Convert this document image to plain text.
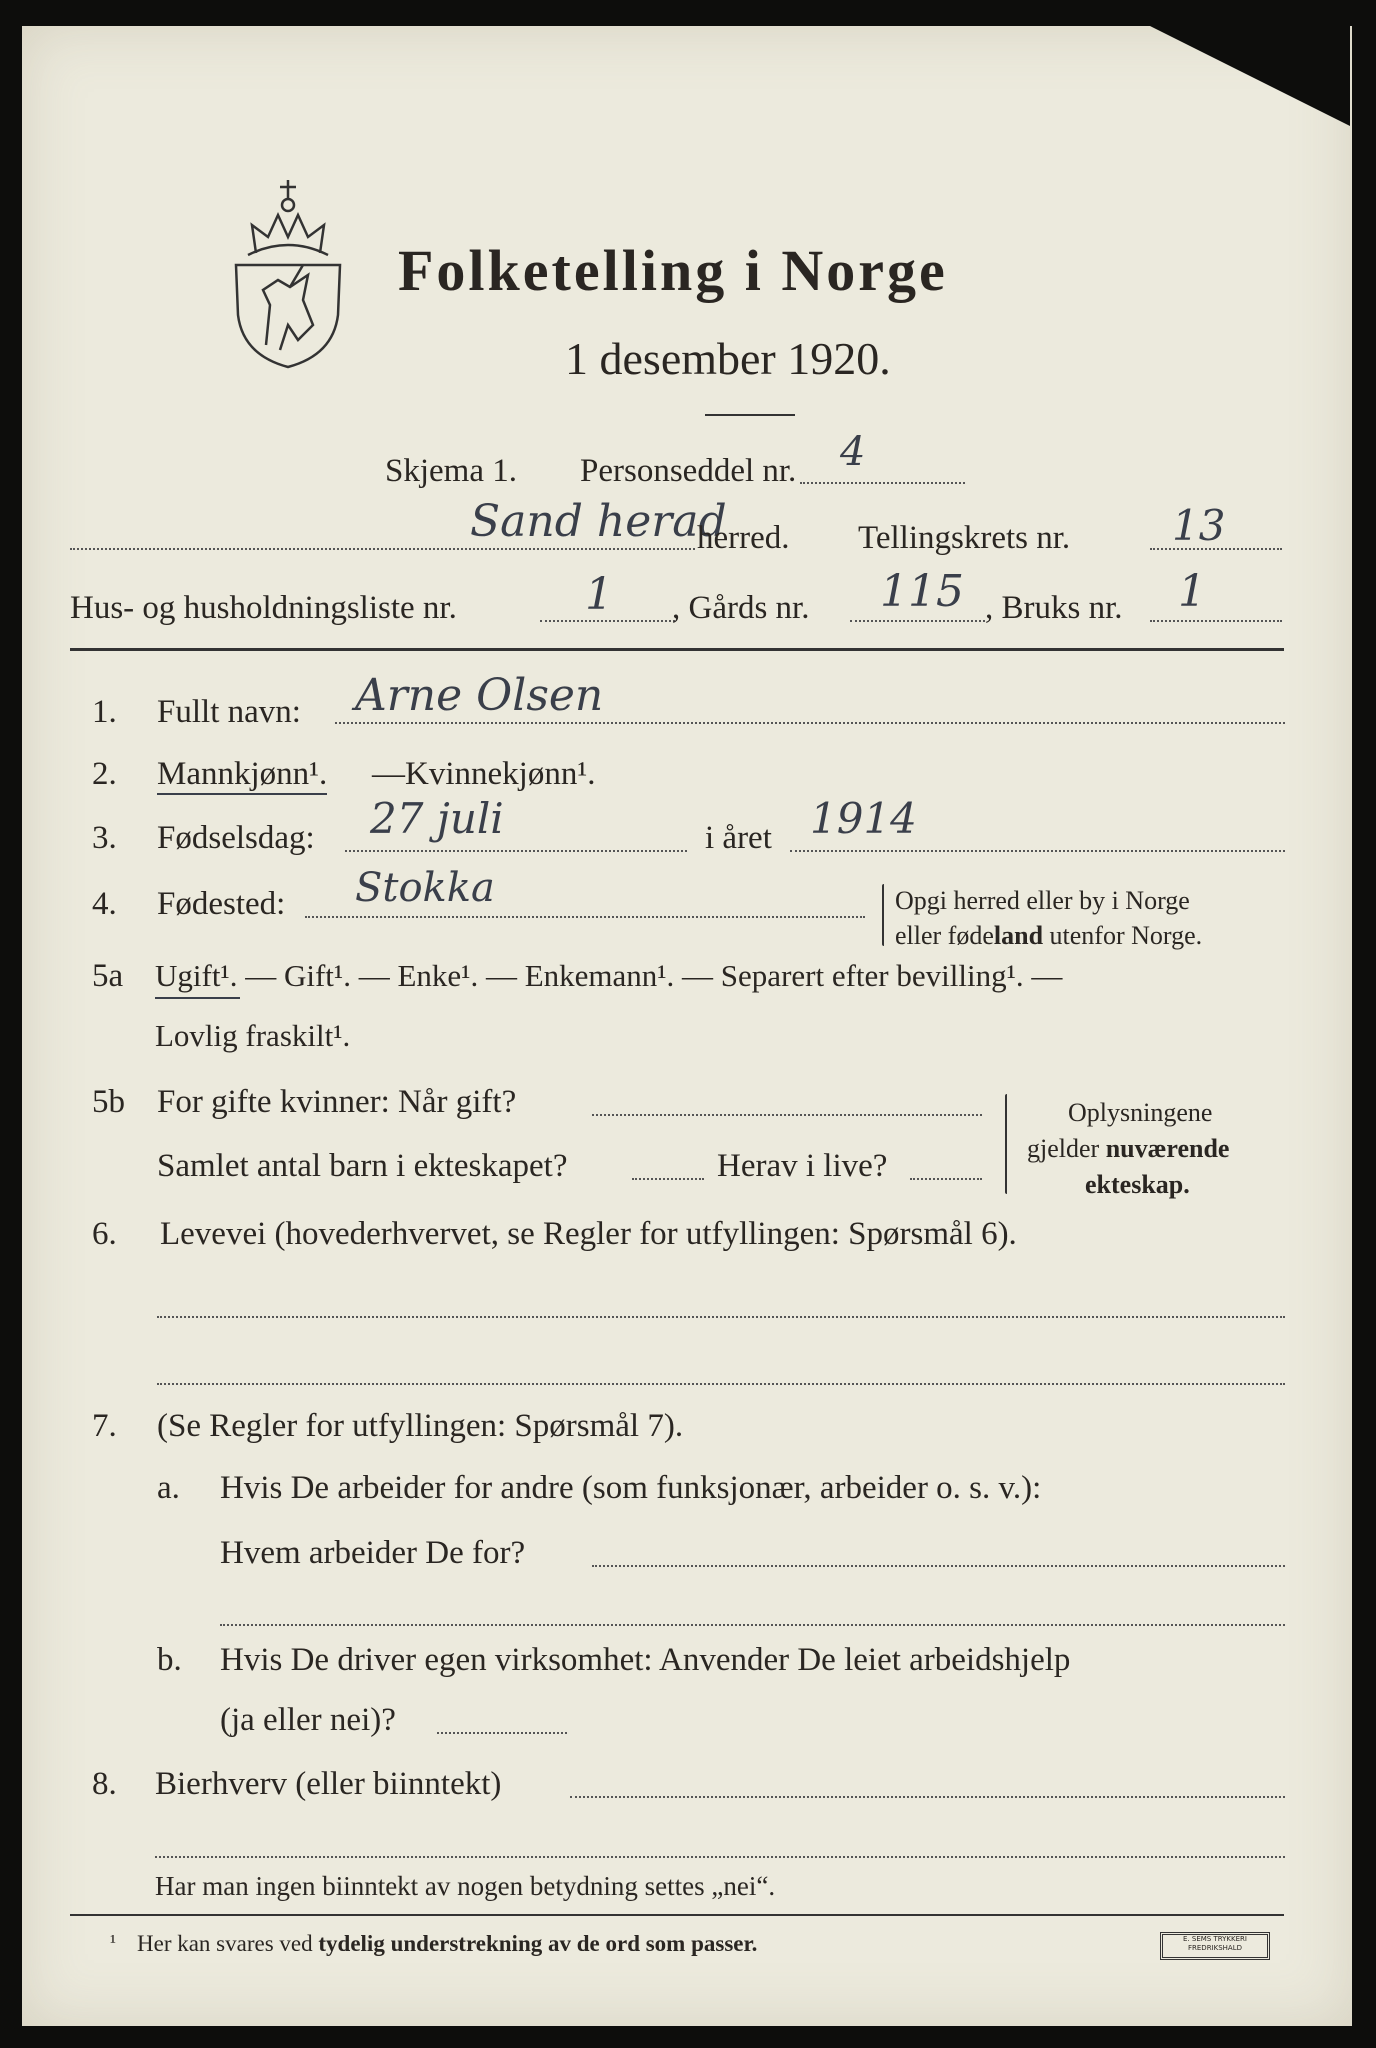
Folketelling i Norge
1 desember 1920.
Skjema 1. Personseddel nr. 4
Sand herad
herred. Tellingskrets nr. 13
Hus- og husholdningsliste nr.	1 , Gårds nr. 115 , Bruks nr. 1
1. Fullt navn: Arne Olsen
2. Mannkjønn¹. — Kvinnekjønn¹.
3. Fødselsdag: 27 juli	i året 1914
4. Fødested: Stokka	Opgi herred eller by i Norge
eller fødeland utenfor Norge.
5a Ugift¹. — Gift¹. — Enke¹. — Enkemann¹. — Separert efter bevilling¹. —
Lovlig fraskilt¹.
5b For gifte kvinner: Når gift?
Samlet antal barn i ekteskapet?	Herav i live?
Oplysningene
gjelder nuværende
ekteskap.
6. Levevei (hovederhvervet, se Regler for utfyllingen: Spørsmål 6).
7. (Se Regler for utfyllingen: Spørsmål 7).
a. Hvis De arbeider for andre (som funksjonær, arbeider o. s. v.):
Hvem arbeider De for?
b. Hvis De driver egen virksomhet: Anvender De leiet arbeidshjelp
(ja eller nei)?
8. Bierhverv (eller biinntekt)
Har man ingen biinntekt av nogen betydning settes „nei“.
¹ Her kan svares ved tydelig understrekning av de ord som passer.	E. SEMS TRYKKERI
FREDRIKSHALD
